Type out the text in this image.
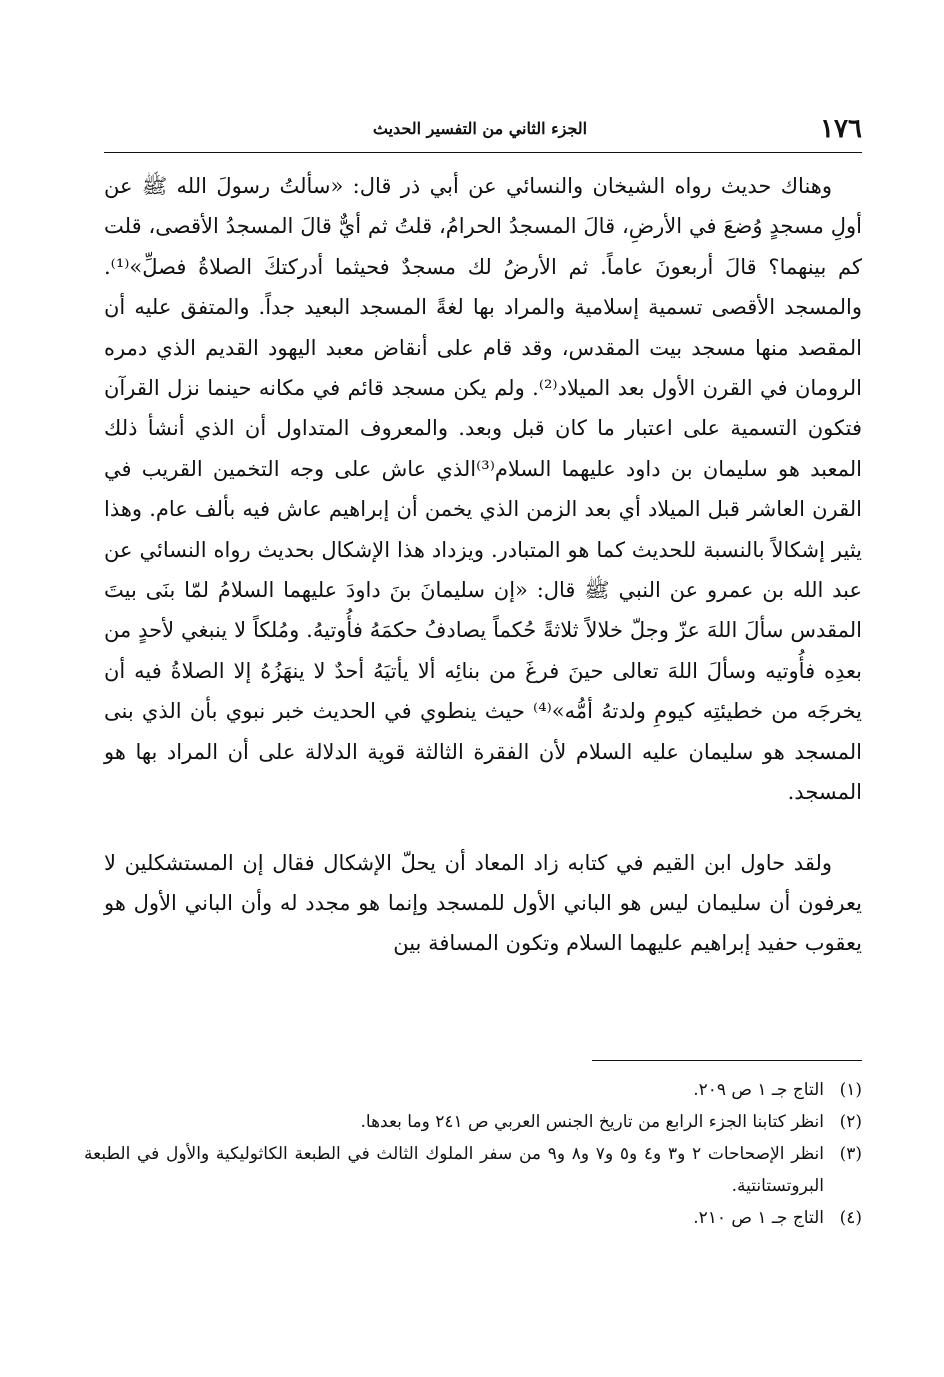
١٧٦
الجزء الثاني من التفسير الحديث

وهناك حديث رواه الشيخان والنسائي عن أبي ذر قال: «سألتُ رسولَ الله ﷺ عن أولِ مسجدٍ وُضعَ في الأرضِ، قالَ المسجدُ الحرامُ، قلتُ ثم أيٌّ قالَ المسجدُ الأقصى، قلت كم بينهما؟ قالَ أربعونَ عاماً. ثم الأرضُ لك مسجدٌ فحيثما أدركتكَ الصلاةُ فصلِّ»⁽¹⁾. والمسجد الأقصى تسمية إسلامية والمراد بها لغةً المسجد البعيد جداً. والمتفق عليه أن المقصد منها مسجد بيت المقدس، وقد قام على أنقاض معبد اليهود القديم الذي دمره الرومان في القرن الأول بعد الميلاد⁽²⁾. ولم يكن مسجد قائم في مكانه حينما نزل القرآن فتكون التسمية على اعتبار ما كان قبل وبعد. والمعروف المتداول أن الذي أنشأ ذلك المعبد هو سليمان بن داود عليهما السلام⁽³⁾الذي عاش على وجه التخمين القريب في القرن العاشر قبل الميلاد أي بعد الزمن الذي يخمن أن إبراهيم عاش فيه بألف عام. وهذا يثير إشكالاً بالنسبة للحديث كما هو المتبادر. ويزداد هذا الإشكال بحديث رواه النسائي عن عبد الله بن عمرو عن النبي ﷺ قال: «إن سليمانَ بنَ داودَ عليهما السلامُ لمّا بنَى بيتَ المقدس سألَ اللهَ عزّ وجلّ خلالاً ثلاثةً حُكماً يصادفُ حكمَهُ فأُوتيهُ. ومُلكاً لا ينبغي لأحدٍ من بعدِه فأُوتيه وسألَ اللهَ تعالى حينَ فرغَ من بنائِه ألا يأتيَهُ أحدٌ لا ينهَزُهُ إلا الصلاةُ فيه أن يخرجَه من خطيئتِه كيومِ ولدتهُ أمُّه»⁽⁴⁾ حيث ينطوي في الحديث خبر نبوي بأن الذي بنى المسجد هو سليمان عليه السلام لأن الفقرة الثالثة قوية الدلالة على أن المراد بها هو المسجد.

ولقد حاول ابن القيم في كتابه زاد المعاد أن يحلّ الإشكال فقال إن المستشكلين لا يعرفون أن سليمان ليس هو الباني الأول للمسجد وإنما هو مجدد له وأن الباني الأول هو يعقوب حفيد إبراهيم عليهما السلام وتكون المسافة بين

(١)
التاج جـ ١ ص ٢٠٩.
(٢)
انظر كتابنا الجزء الرابع من تاريخ الجنس العربي ص ٢٤١ وما بعدها.
(٣)
انظر الإصحاحات ٢ و٣ و٤ و٥ و٧ و٨ و٩ من سفر الملوك الثالث في الطبعة الكاثوليكية والأول في الطبعة البروتستانتية.
(٤)
التاج جـ ١ ص ٢١٠.
